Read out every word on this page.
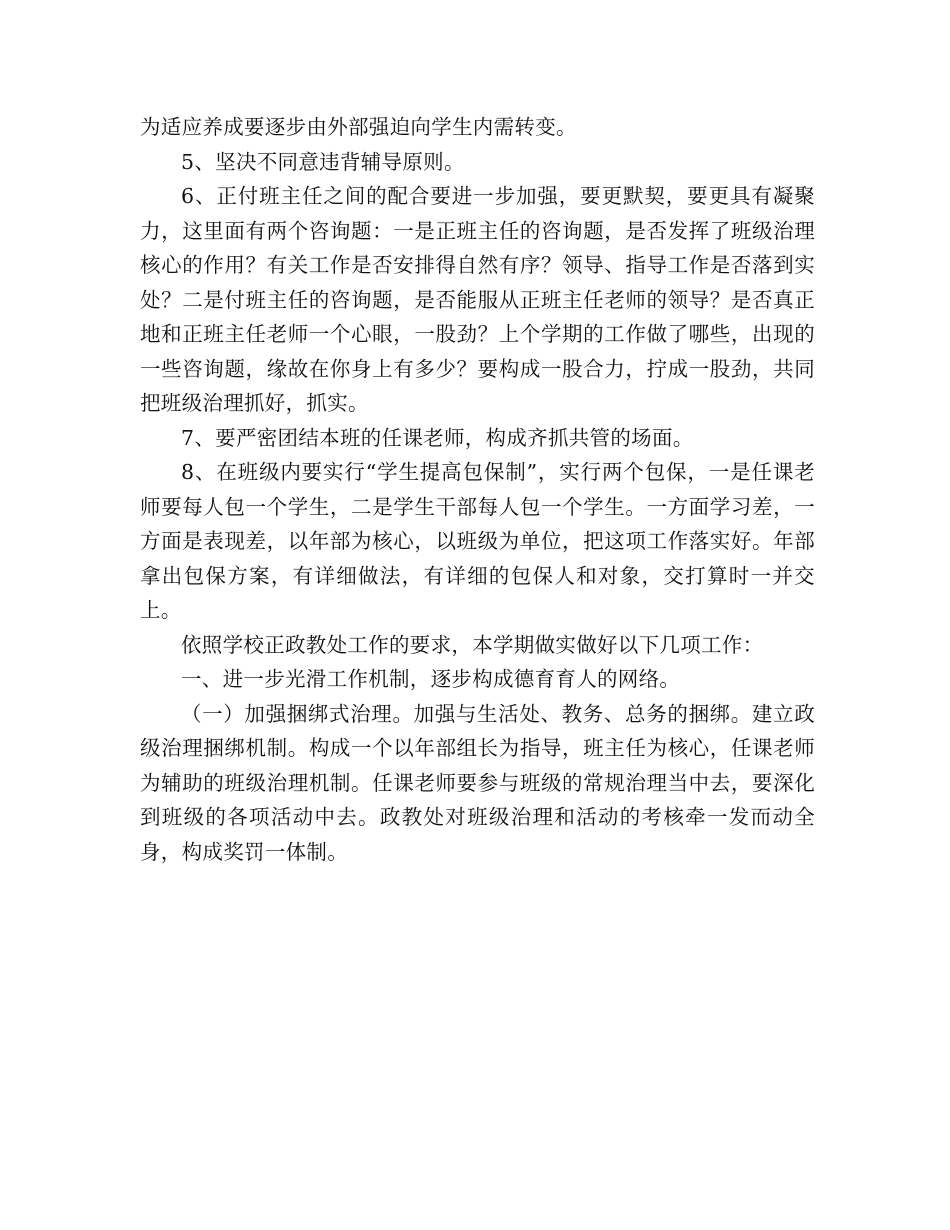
为适应养成要逐步由外部强迫向学生内需转变。

5、坚决不同意违背辅导原则。

6、正付班主任之间的配合要进一步加强，要更默契，要更具有凝聚力，这里面有两个咨询题：一是正班主任的咨询题，是否发挥了班级治理核心的作用？有关工作是否安排得自然有序？领导、指导工作是否落到实处？二是付班主任的咨询题，是否能服从正班主任老师的领导？是否真正地和正班主任老师一个心眼，一股劲？上个学期的工作做了哪些，出现的一些咨询题，缘故在你身上有多少？要构成一股合力，拧成一股劲，共同把班级治理抓好，抓实。

7、要严密团结本班的任课老师，构成齐抓共管的场面。

8、在班级内要实行“学生提高包保制”，实行两个包保，一是任课老师要每人包一个学生，二是学生干部每人包一个学生。一方面学习差，一方面是表现差，以年部为核心，以班级为单位，把这项工作落实好。年部拿出包保方案，有详细做法，有详细的包保人和对象，交打算时一并交上。

依照学校正政教处工作的要求，本学期做实做好以下几项工作：

一、进一步光滑工作机制，逐步构成德育育人的网络。

（一）加强捆绑式治理。加强与生活处、教务、总务的捆绑。建立政级治理捆绑机制。构成一个以年部组长为指导，班主任为核心，任课老师为辅助的班级治理机制。任课老师要参与班级的常规治理当中去，要深化到班级的各项活动中去。政教处对班级治理和活动的考核牵一发而动全身，构成奖罚一体制。
